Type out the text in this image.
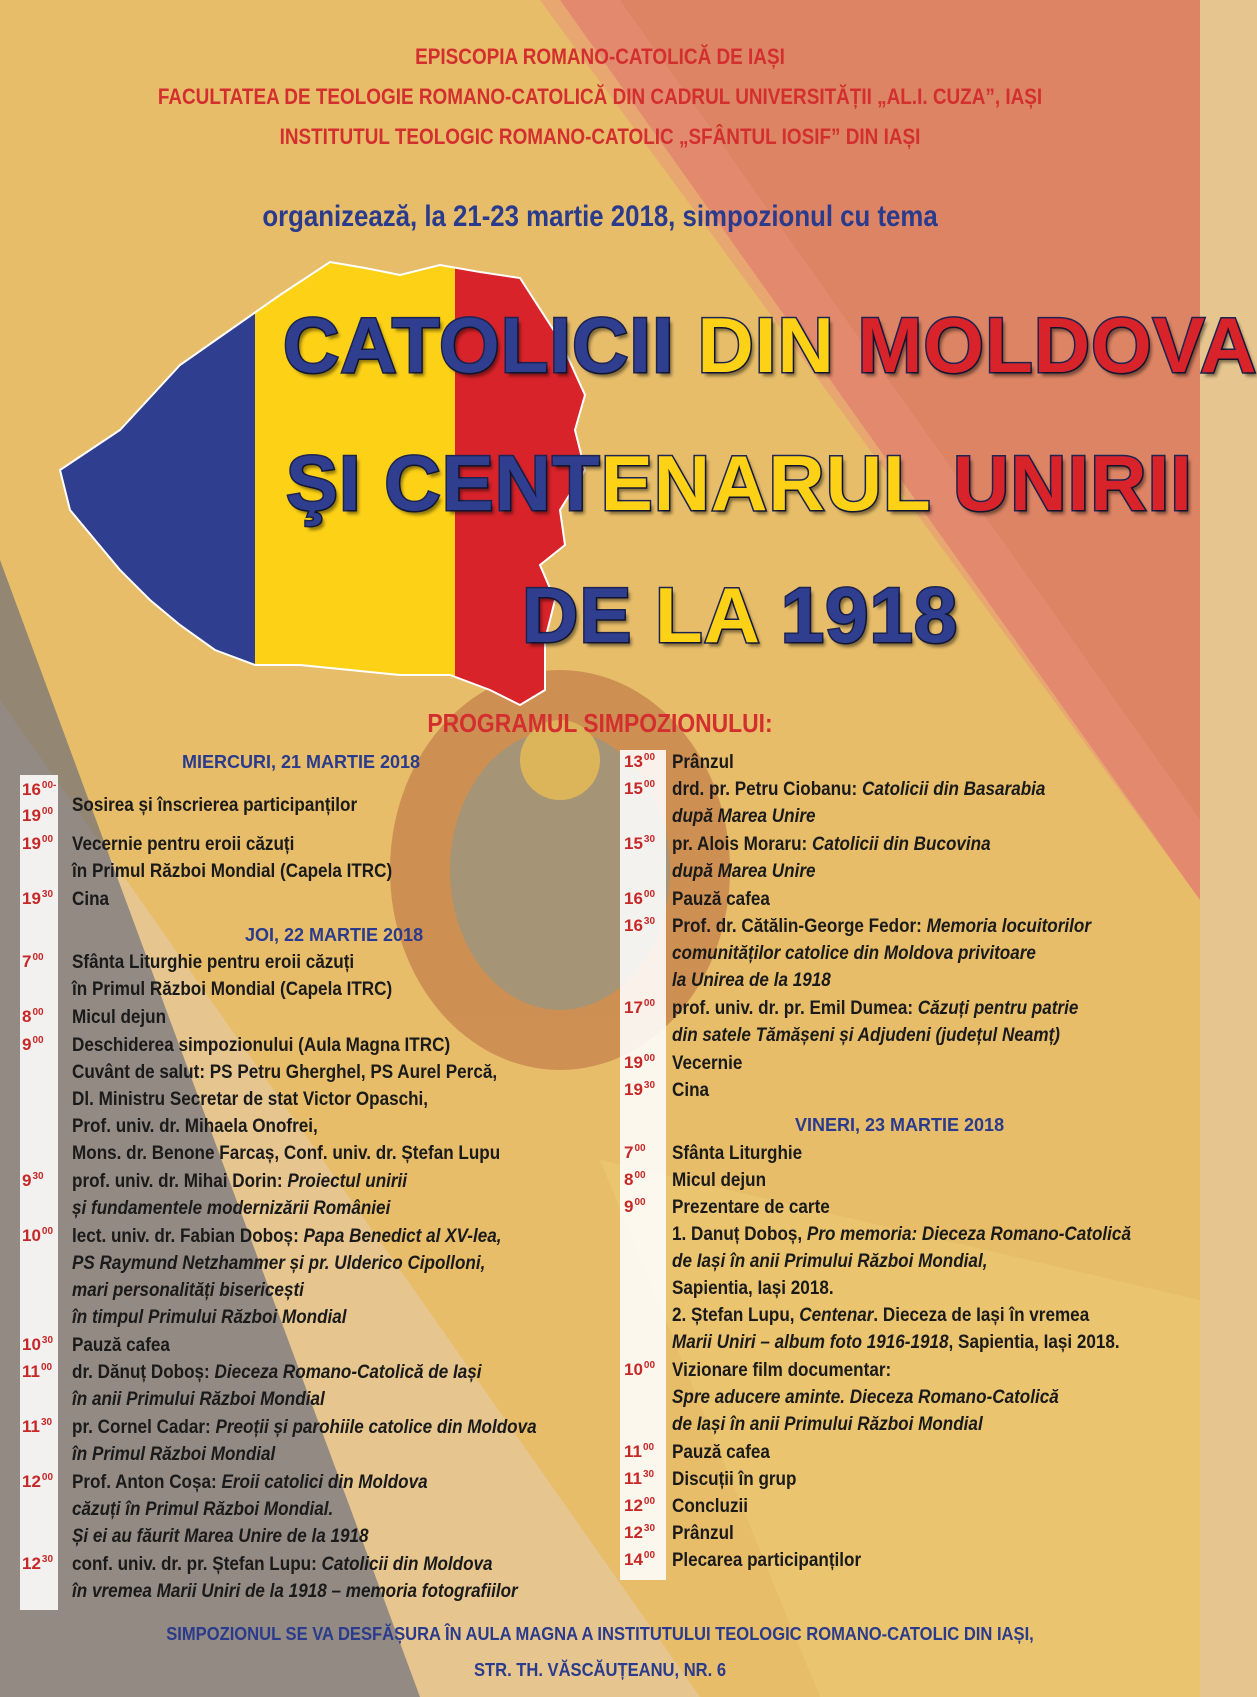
EPISCOPIA ROMANO-CATOLICĂ DE IAȘI
FACULTATEA DE TEOLOGIE ROMANO-CATOLICĂ DIN CADRUL UNIVERSITĂȚII „AL.I. CUZA”, IAȘI
INSTITUTUL TEOLOGIC ROMANO-CATOLIC „SFÂNTUL IOSIF” DIN IAȘI
organizează, la 21-23 martie 2018, simpozionul cu tema
CATOLICII DIN MOLDOVA
ŞI CENTENARUL UNIRII
DE LA 1918
PROGRAMUL SIMPOZIONULUI:
MIERCURI, 21 MARTIE 2018
JOI, 22 MARTIE 2018
VINERI, 23 MARTIE 2018
$16^{00-}$
$19^{00}$ Sosirea și înscrierea participanților
$19^{00}$ Vecernie pentru eroii căzuți
în Primul Război Mondial (Capela ITRC)
$19^{30}$ Cina
$7^{00}$ Sfânta Liturghie pentru eroii căzuți
în Primul Război Mondial (Capela ITRC)
$8^{00}$ Micul dejun
$9^{00}$ Deschiderea simpozionului (Aula Magna ITRC)
Cuvânt de salut: PS Petru Gherghel, PS Aurel Percă,
Dl. Ministru Secretar de stat Victor Opaschi,
Prof. univ. dr. Mihaela Onofrei,
Mons. dr. Benone Farcaș, Conf. univ. dr. Ștefan Lupu
$9^{30}$ prof. univ. dr. Mihai Dorin: Proiectul unirii
și fundamentele modernizării României
$10^{00}$ lect. univ. dr. Fabian Doboș: Papa Benedict al XV-lea,
PS Raymund Netzhammer și pr. Ulderico Cipolloni,
mari personalități bisericești
în timpul Primului Război Mondial
$10^{30}$ Pauză cafea
$11^{00}$ dr. Dănuț Doboș: Dieceza Romano-Catolică de Iași
în anii Primului Război Mondial
$11^{30}$ pr. Cornel Cadar: Preoții și parohiile catolice din Moldova
în Primul Război Mondial
$12^{00}$ Prof. Anton Coșa: Eroii catolici din Moldova
căzuți în Primul Război Mondial.
Și ei au făurit Marea Unire de la 1918
$12^{30}$ conf. univ. dr. pr. Ștefan Lupu: Catolicii din Moldova
în vremea Marii Uniri de la 1918 – memoria fotografiilor
$13^{00}$ Prânzul
$15^{00}$ drd. pr. Petru Ciobanu: Catolicii din Basarabia
după Marea Unire
$15^{30}$ pr. Alois Moraru: Catolicii din Bucovina
după Marea Unire
$16^{00}$ Pauză cafea
$16^{30}$ Prof. dr. Cătălin-George Fedor: Memoria locuitorilor
comunităților catolice din Moldova privitoare
la Unirea de la 1918
$17^{00}$ prof. univ. dr. pr. Emil Dumea: Căzuți pentru patrie
din satele Tămășeni și Adjudeni (județul Neamț)
$19^{00}$ Vecernie
$19^{30}$ Cina
$7^{00}$ Sfânta Liturghie
$8^{00}$ Micul dejun
$9^{00}$ Prezentare de carte
1. Danuț Doboș, Pro memoria: Dieceza Romano-Catolică
de Iași în anii Primului Război Mondial,
Sapientia, Iași 2018.
2. Ștefan Lupu, Centenar. Dieceza de Iași în vremea
Marii Uniri – album foto 1916-1918, Sapientia, Iași 2018.
$10^{00}$ Vizionare film documentar:
Spre aducere aminte. Dieceza Romano-Catolică
de Iași în anii Primului Război Mondial
$11^{00}$ Pauză cafea
$11^{30}$ Discuții în grup
$12^{00}$ Concluzii
$12^{30}$ Prânzul
$14^{00}$ Plecarea participanților
SIMPOZIONUL SE VA DESFĂȘURA ÎN AULA MAGNA A INSTITUTULUI TEOLOGIC ROMANO-CATOLIC DIN IAȘI,
STR. TH. VĂSCĂUȚEANU, NR. 6
